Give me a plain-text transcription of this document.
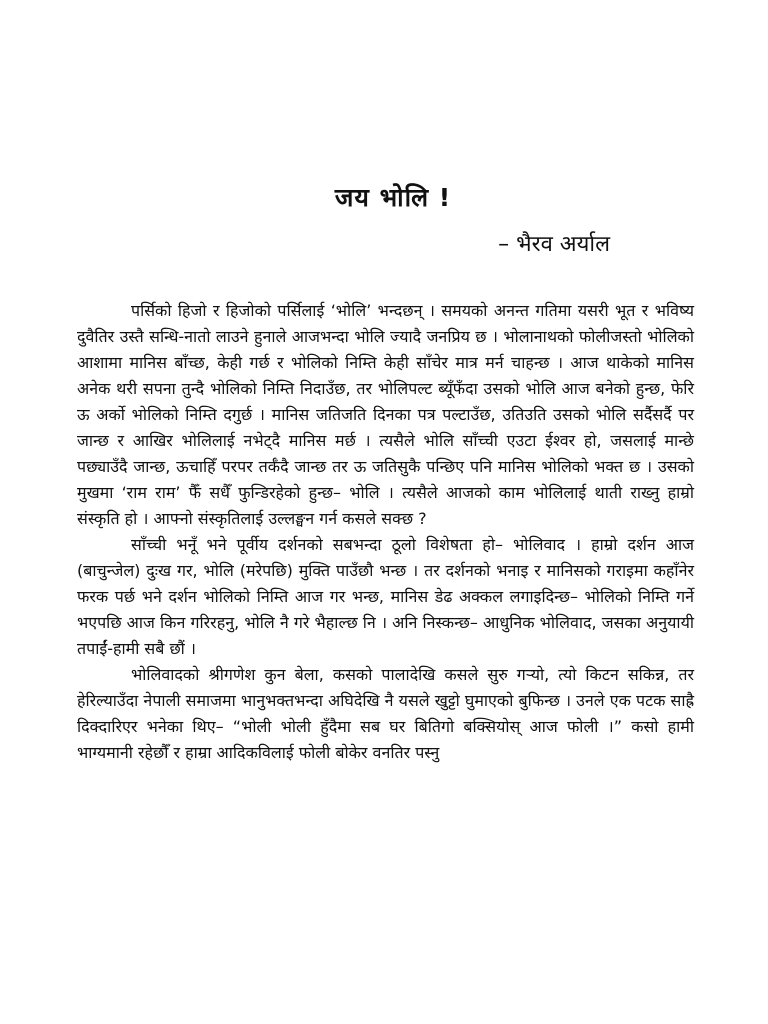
जय भोलि !

– भैरव अर्याल

पर्सिको हिजो र हिजोको पर्सिलाई ‘भोलि’ भन्दछन् । समयको अनन्त गतिमा यसरी भूत र भविष्य दुवैतिर उस्तै सन्धि-नातो लाउने हुनाले आजभन्दा भोलि ज्यादै जनप्रिय छ । भोलानाथको फोलीजस्तो भोलिको आशामा मानिस बाँच्छ, केही गर्छ र भोलिको निम्ति केही साँचेर मात्र मर्न चाहन्छ । आज थाकेको मानिस अनेक थरी सपना तुन्दै भोलिको निम्ति निदाउँछ, तर भोलिपल्ट ब्यूँफँदा उसको भोलि आज बनेको हुन्छ, फेरि ऊ अर्को भोलिको निम्ति दगुर्छ । मानिस जतिजति दिनका पत्र पल्टाउँछ, उतिउति उसको भोलि सर्दैसर्दै पर जान्छ र आखिर भोलिलाई नभेट्दै मानिस मर्छ । त्यसैले भोलि साँच्ची एउटा ईश्वर हो, जसलाई मान्छे पछ्याउँदै जान्छ, ऊचाहिँ परपर तर्कँदै जान्छ तर ऊ जतिसुकै पन्छिए पनि मानिस भोलिको भक्त छ । उसको मुखमा ‘राम राम’ फैँ सधैँ फुन्डिरहेको हुन्छ– भोलि । त्यसैले आजको काम भोलिलाई थाती राख्नु हाम्रो संस्कृति हो । आफ्नो संस्कृतिलाई उल्लङ्घन गर्न कसले सक्छ ?

साँच्ची भनूँ भने पूर्वीय दर्शनको सबभन्दा ठूलो विशेषता हो– भोलिवाद । हाम्रो दर्शन आज (बाचुन्जेल) दुःख गर, भोलि (मरेपछि) मुक्ति पाउँछौ भन्छ । तर दर्शनको भनाइ र मानिसको गराइमा कहाँनेर फरक पर्छ भने दर्शन भोलिको निम्ति आज गर भन्छ, मानिस डेढ अक्कल लगाइदिन्छ– भोलिको निम्ति गर्ने भएपछि आज किन गरिरहनु, भोलि नै गरे भैहाल्छ नि । अनि निस्कन्छ– आधुनिक भोलिवाद, जसका अनुयायी तपाईं-हामी सबै छौं ।

भोलिवादको श्रीगणेश कुन बेला, कसको पालादेखि कसले सुरु गर्‍यो, त्यो किटन सकिन्न, तर हेरिल्याउँदा नेपाली समाजमा भानुभक्तभन्दा अघिदेखि नै यसले खुट्टो घुमाएको बुफिन्छ । उनले एक पटक साह्रै दिक्दारिएर भनेका थिए– “भोली भोली हुँदैमा सब घर बितिगो बक्सियोस् आज फोली ।” कसो हामी भाग्यमानी रहेछौँ र हाम्रा आदिकविलाई फोली बोकेर वनतिर पस्नु
